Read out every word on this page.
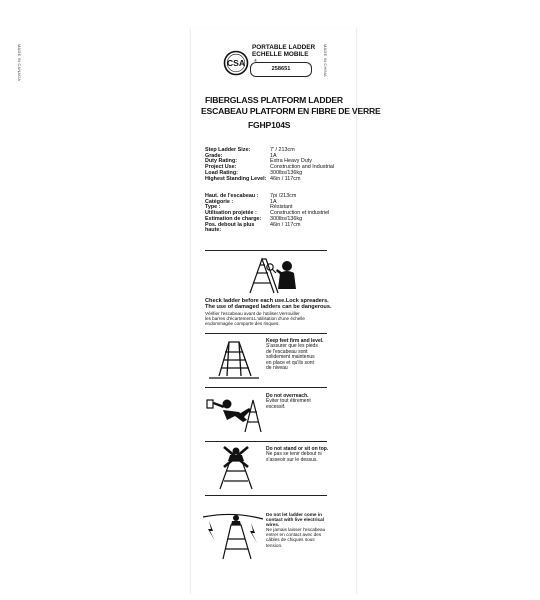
MADE IN CANADA	MADE IN CHINA
CSA
PORTABLE LADDER
ECHELLE MOBILE
®
258651
FIBERGLASS PLATFORM LADDER
ESCABEAU PLATFORM EN FIBRE DE VERRE
FGHP104S
Step Ladder Size:	7' / 213cm
Grade:	1A
Duty Rating:	Extra Heavy Duty
Project Use:	Construction and Industrial
Load Rating:	300lbs/136kg
Highest Standing Level: 46in / 117cm
Haut. de l'escabeau :	7pi /213cm
Catégorie :	1A
Type :	Résistant
Utilisation projetée :	Construction et industriel
Estimation de charge:	300lbs/136kg
Pos. debout la plus haute:
46in / 117cm
Check ladder before each use.Lock spreaders.
The use of damaged ladders can be dangerous.
Vérifier l'escabeau avant de l'utiliser.Verrouiller
les barres d'écartement.L'utilisation d'une échelle
endommagée comporte des risques.
Keep feet firm and level.
S'assurer que les pieds
de l'escabeau sont
solidement maintenus
en place et qu'ils sont
de niveau
Do not overreach.
Éviter tout étirement
excessif.
Do not stand or sit on top.
Ne pas se tenir debout ni
s'asseoir sur le dessus.
Do not let ladder come in
contact with live electrical
wires.
Ne jamais laisser l'escabeau
entrer en contact avec des
câbles de chiques sous
tension.
